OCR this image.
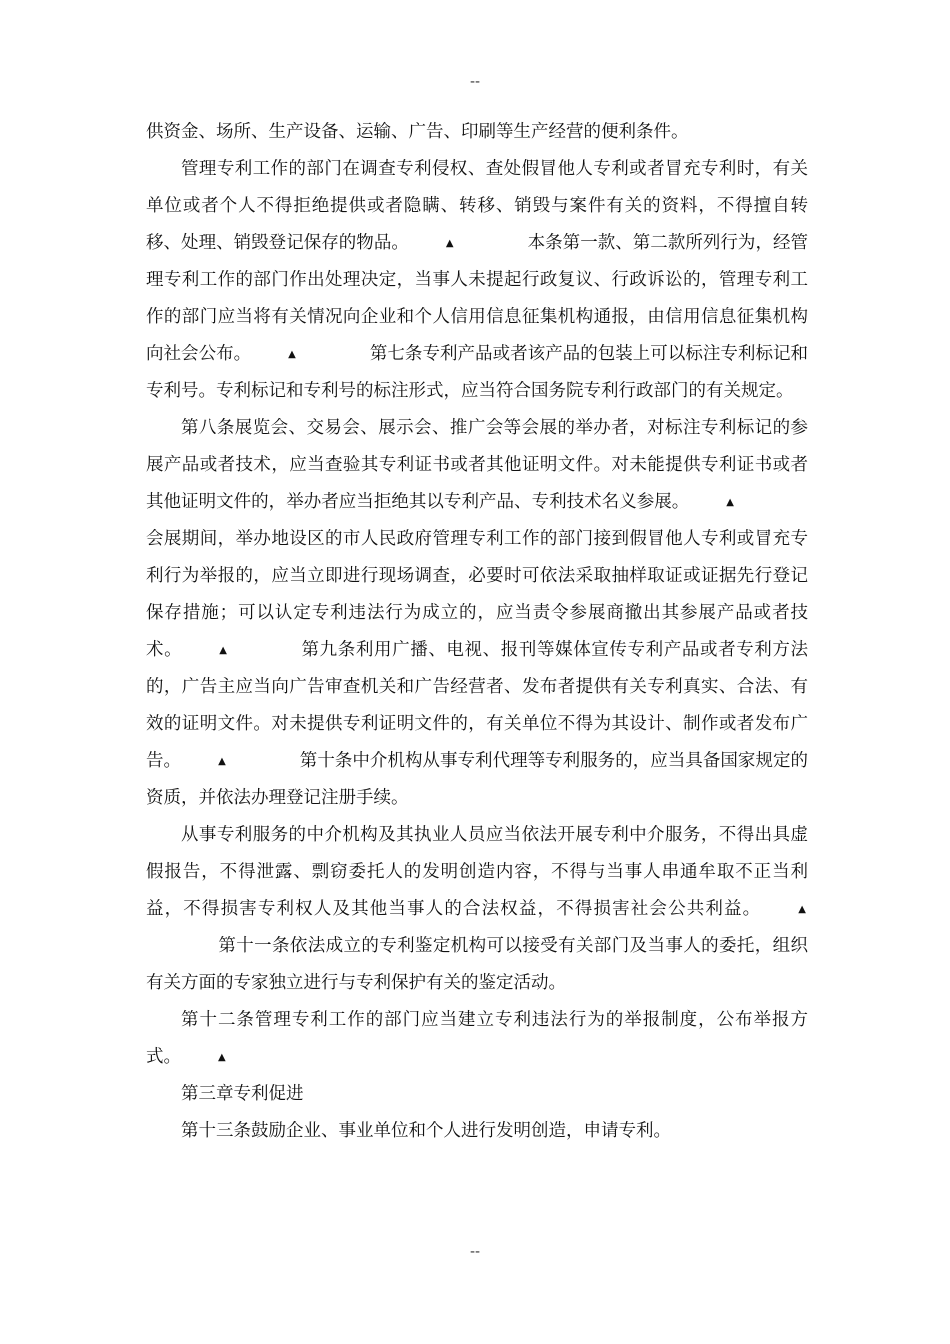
--

供资金、场所、生产设备、运输、广告、印刷等生产经营的便利条件。

管理专利工作的部门在调查专利侵权、查处假冒他人专利或者冒充专利时，有关单位或者个人不得拒绝提供或者隐瞒、转移、销毁与案件有关的资料，不得擅自转移、处理、销毁登记保存的物品。	▲	本条第一款、第二款所列行为，经管理专利工作的部门作出处理决定，当事人未提起行政复议、行政诉讼的，管理专利工作的部门应当将有关情况向企业和个人信用信息征集机构通报，由信用信息征集机构向社会公布。	▲	第七条专利产品或者该产品的包装上可以标注专利标记和专利号。专利标记和专利号的标注形式，应当符合国务院专利行政部门的有关规定。

第八条展览会、交易会、展示会、推广会等会展的举办者，对标注专利标记的参展产品或者技术，应当查验其专利证书或者其他证明文件。对未能提供专利证书或者其他证明文件的，举办者应当拒绝其以专利产品、专利技术名义参展。	▲会展期间，举办地设区的市人民政府管理专利工作的部门接到假冒他人专利或冒充专利行为举报的，应当立即进行现场调查，必要时可依法采取抽样取证或证据先行登记保存措施；可以认定专利违法行为成立的，应当责令参展商撤出其参展产品或者技术。	▲	第九条利用广播、电视、报刊等媒体宣传专利产品或者专利方法的，广告主应当向广告审查机关和广告经营者、发布者提供有关专利真实、合法、有效的证明文件。对未提供专利证明文件的，有关单位不得为其设计、制作或者发布广告。	▲	第十条中介机构从事专利代理等专利服务的，应当具备国家规定的资质，并依法办理登记注册手续。

从事专利服务的中介机构及其执业人员应当依法开展专利中介服务，不得出具虚假报告，不得泄露、剽窃委托人的发明创造内容，不得与当事人串通牟取不正当利益，不得损害专利权人及其他当事人的合法权益，不得损害社会公共利益。	▲第十一条依法成立的专利鉴定机构可以接受有关部门及当事人的委托，组织有关方面的专家独立进行与专利保护有关的鉴定活动。

第十二条管理专利工作的部门应当建立专利违法行为的举报制度，公布举报方式。	▲

第三章专利促进

第十三条鼓励企业、事业单位和个人进行发明创造，申请专利。

--
